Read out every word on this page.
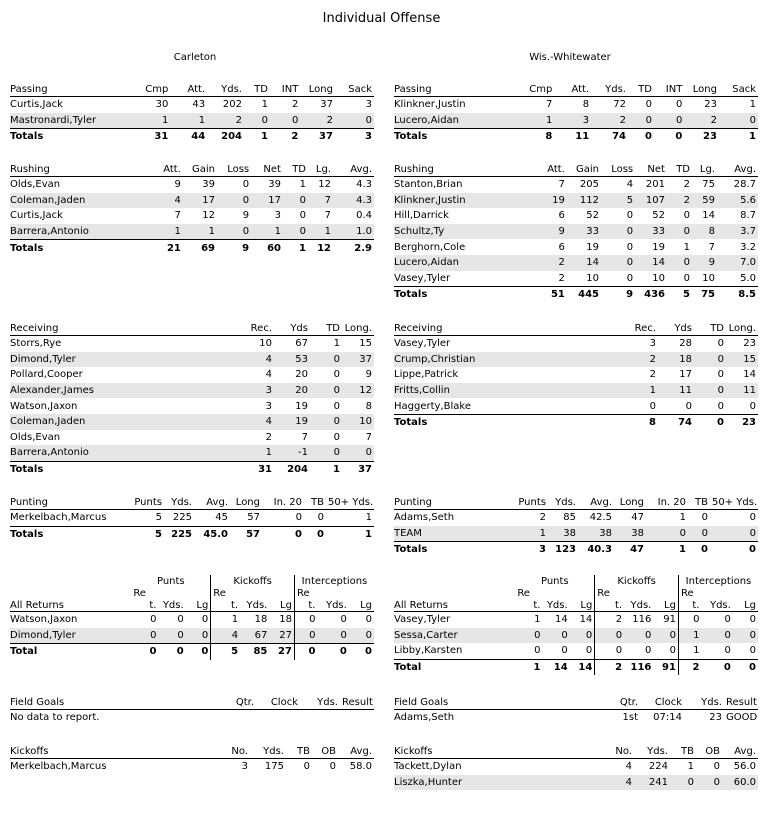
Individual Offense
Carleton	Wis.-Whitewater
Passing	Cmp	Att.	Yds.	TD	INT	Long	Sack
Curtis,Jack	30	43	202	1	2	37	3
Mastronardi,Tyler	1	1	2	0	0	2	0
Totals	31	44	204	1	2	37	3
Passing	Cmp	Att.	Yds.	TD	INT	Long	Sack
Klinkner,Justin	7	8	72	0	0	23	1
Lucero,Aidan	1	3	2	0	0	2	0
Totals	8	11	74	0	0	23	1
Rushing	Att.	Gain	Loss	Net	TD	Lg.	Avg.
Olds,Evan	9	39	0	39	1	12	4.3
Coleman,Jaden	4	17	0	17	0	7	4.3
Curtis,Jack	7	12	9	3	0	7	0.4
Barrera,Antonio	1	1	0	1	0	1	1.0
Totals	21	69	9	60	1	12	2.9
Rushing	Att.	Gain	Loss	Net	TD	Lg.	Avg.
Stanton,Brian	7	205	4	201	2	75	28.7
Klinkner,Justin	19	112	5	107	2	59	5.6
Hill,Darrick	6	52	0	52	0	14	8.7
Schultz,Ty	9	33	0	33	0	8	3.7
Berghorn,Cole	6	19	0	19	1	7	3.2
Lucero,Aidan	2	14	0	14	0	9	7.0
Vasey,Tyler	2	10	0	10	0	10	5.0
Totals	51	445	9	436	5	75	8.5
Receiving	Rec.	Yds	TD	Long.
Storrs,Rye	10	67	1	15
Dimond,Tyler	4	53	0	37
Pollard,Cooper	4	20	0	9
Alexander,James	3	20	0	12
Watson,Jaxon	3	19	0	8
Coleman,Jaden	4	19	0	10
Olds,Evan	2	7	0	7
Barrera,Antonio	1	-1	0	0
Totals	31	204	1	37
Receiving	Rec.	Yds	TD	Long.
Vasey,Tyler	3	28	0	23
Crump,Christian	2	18	0	15
Lippe,Patrick	2	17	0	14
Fritts,Collin	1	11	0	11
Haggerty,Blake	0	0	0	0
Totals	8	74	0	23
Punting	Punts	Yds.	Avg.	Long	In. 20	TB	50+ Yds.
Merkelbach,Marcus	5	225	45	57	0	0	1
Totals	5	225	45.0	57	0	0	1
Punting	Punts	Yds.	Avg.	Long	In. 20	TB	50+ Yds.
Adams,Seth	2	85	42.5	47	1	0	0
TEAM	1	38	38	38	0	0	0
Totals	3	123	40.3	47	1	0	0
	Punts			Kickoffs			Interceptions		
	Re			Re			Re		
All Returns	t.	Yds.	Lg	t.	Yds.	Lg	t.	Yds.	Lg
Watson,Jaxon	0	0	0	1	18	18	0	0	0
Dimond,Tyler	0	0	0	4	67	27	0	0	0
Total	0	0	0	5	85	27	0	0	0
	Punts			Kickoffs			Interceptions		
	Re			Re			Re		
All Returns	t.	Yds.	Lg	t.	Yds.	Lg	t.	Yds.	Lg
Vasey,Tyler	1	14	14	2	116	91	0	0	0
Sessa,Carter	0	0	0	0	0	0	1	0	0
Libby,Karsten	0	0	0	0	0	0	1	0	0
Total	1	14	14	2	116	91	2	0	0
Field Goals	Qtr.	Clock	Yds.	Result
No data to report.
Field Goals	Qtr.	Clock	Yds.	Result
Adams,Seth	1st	07:14	23	GOOD
Kickoffs	No.	Yds.	TB	OB	Avg.
Merkelbach,Marcus	3	175	0	0	58.0
Kickoffs	No.	Yds.	TB	OB	Avg.
Tackett,Dylan	4	224	1	0	56.0
Liszka,Hunter	4	241	0	0	60.0
